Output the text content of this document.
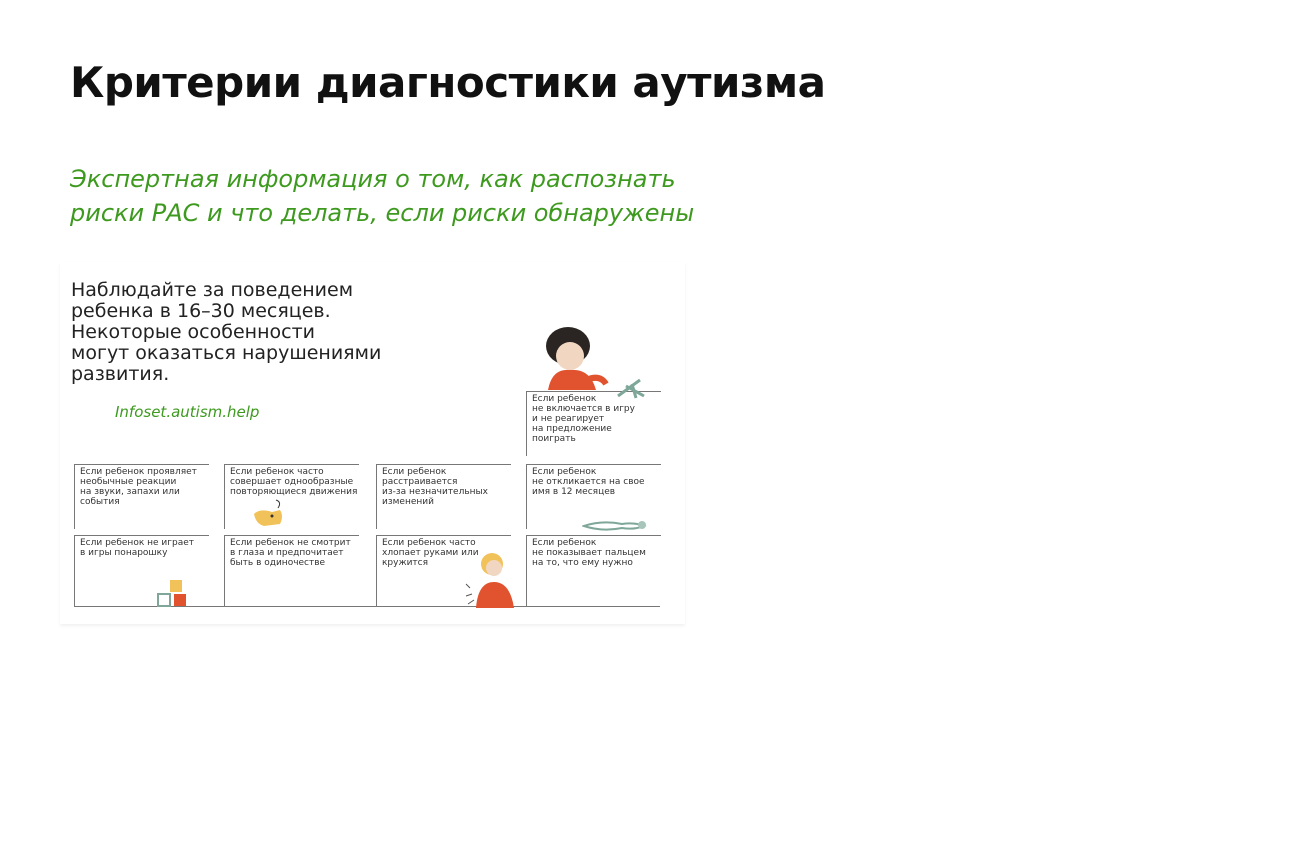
Критерии диагностики аутизма

Экспертная информация о том, как распознать
риски РАС и что делать, если риски обнаружены

Наблюдайте за поведением
ребенка в 16–30 месяцев.
Некоторые особенности
могут оказаться нарушениями
развития.
Infoset.autism.help
Если ребенок
не включается в игру
и не реагирует
на предложение
поиграть
Если ребенок проявляет
необычные реакции
на звуки, запахи или
события
Если ребенок часто
совершает однообразные
повторяющиеся движения
Если ребенок
расстраивается
из-за незначительных
изменений
Если ребенок
не откликается на свое
имя в 12 месяцев
Если ребенок не играет
в игры понарошку
Если ребенок не смотрит
в глаза и предпочитает
быть в одиночестве
Если ребенок часто
хлопает руками или
кружится
Если ребенок
не показывает пальцем
на то, что ему нужно
